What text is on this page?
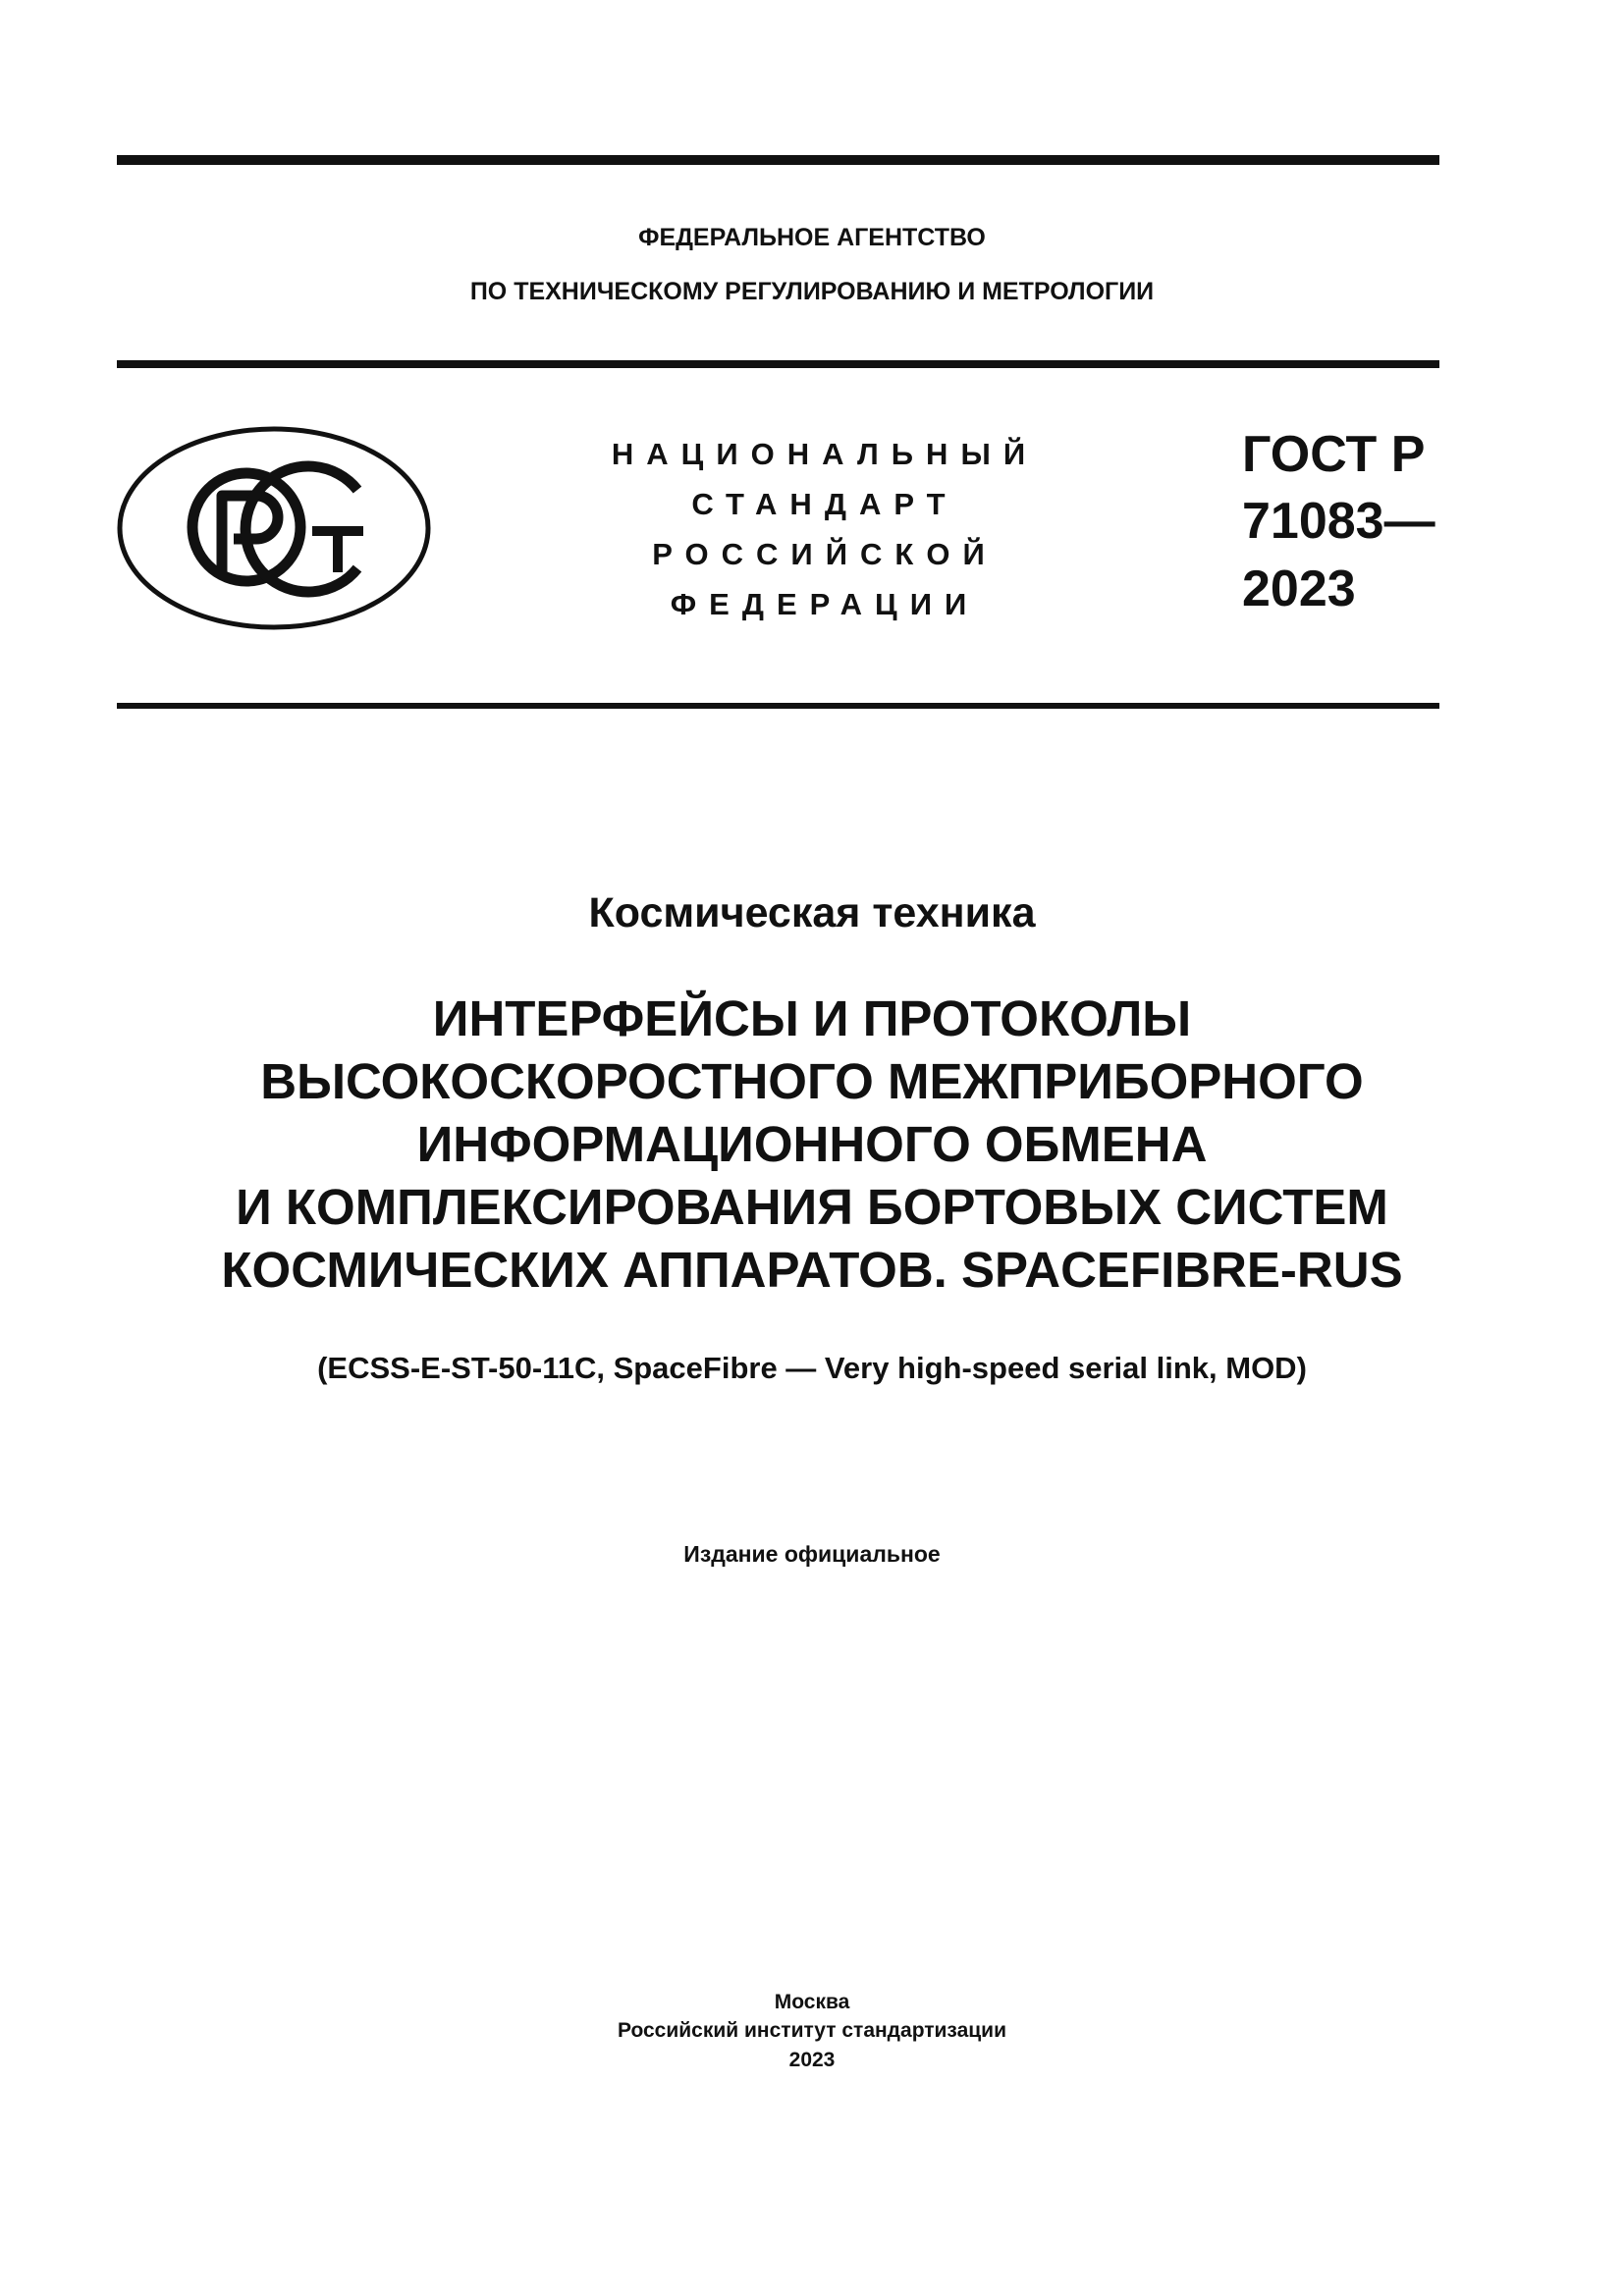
ФЕДЕРАЛЬНОЕ АГЕНТСТВО
ПО ТЕХНИЧЕСКОМУ РЕГУЛИРОВАНИЮ И МЕТРОЛОГИИ
НАЦИОНАЛЬНЫЙ
СТАНДАРТ
РОССИЙСКОЙ
ФЕДЕРАЦИИ
ГОСТ Р
71083—
2023
Космическая техника
ИНТЕРФЕЙСЫ И ПРОТОКОЛЫ
ВЫСОКОСКОРОСТНОГО МЕЖПРИБОРНОГО
ИНФОРМАЦИОННОГО ОБМЕНА
И КОМПЛЕКСИРОВАНИЯ БОРТОВЫХ СИСТЕМ
КОСМИЧЕСКИХ АППАРАТОВ. SPACEFIBRE-RUS
(ECSS-E-ST-50-11C, SpaceFibre — Very high-speed serial link, MOD)
Издание официальное
Москва
Российский институт стандартизации
2023
